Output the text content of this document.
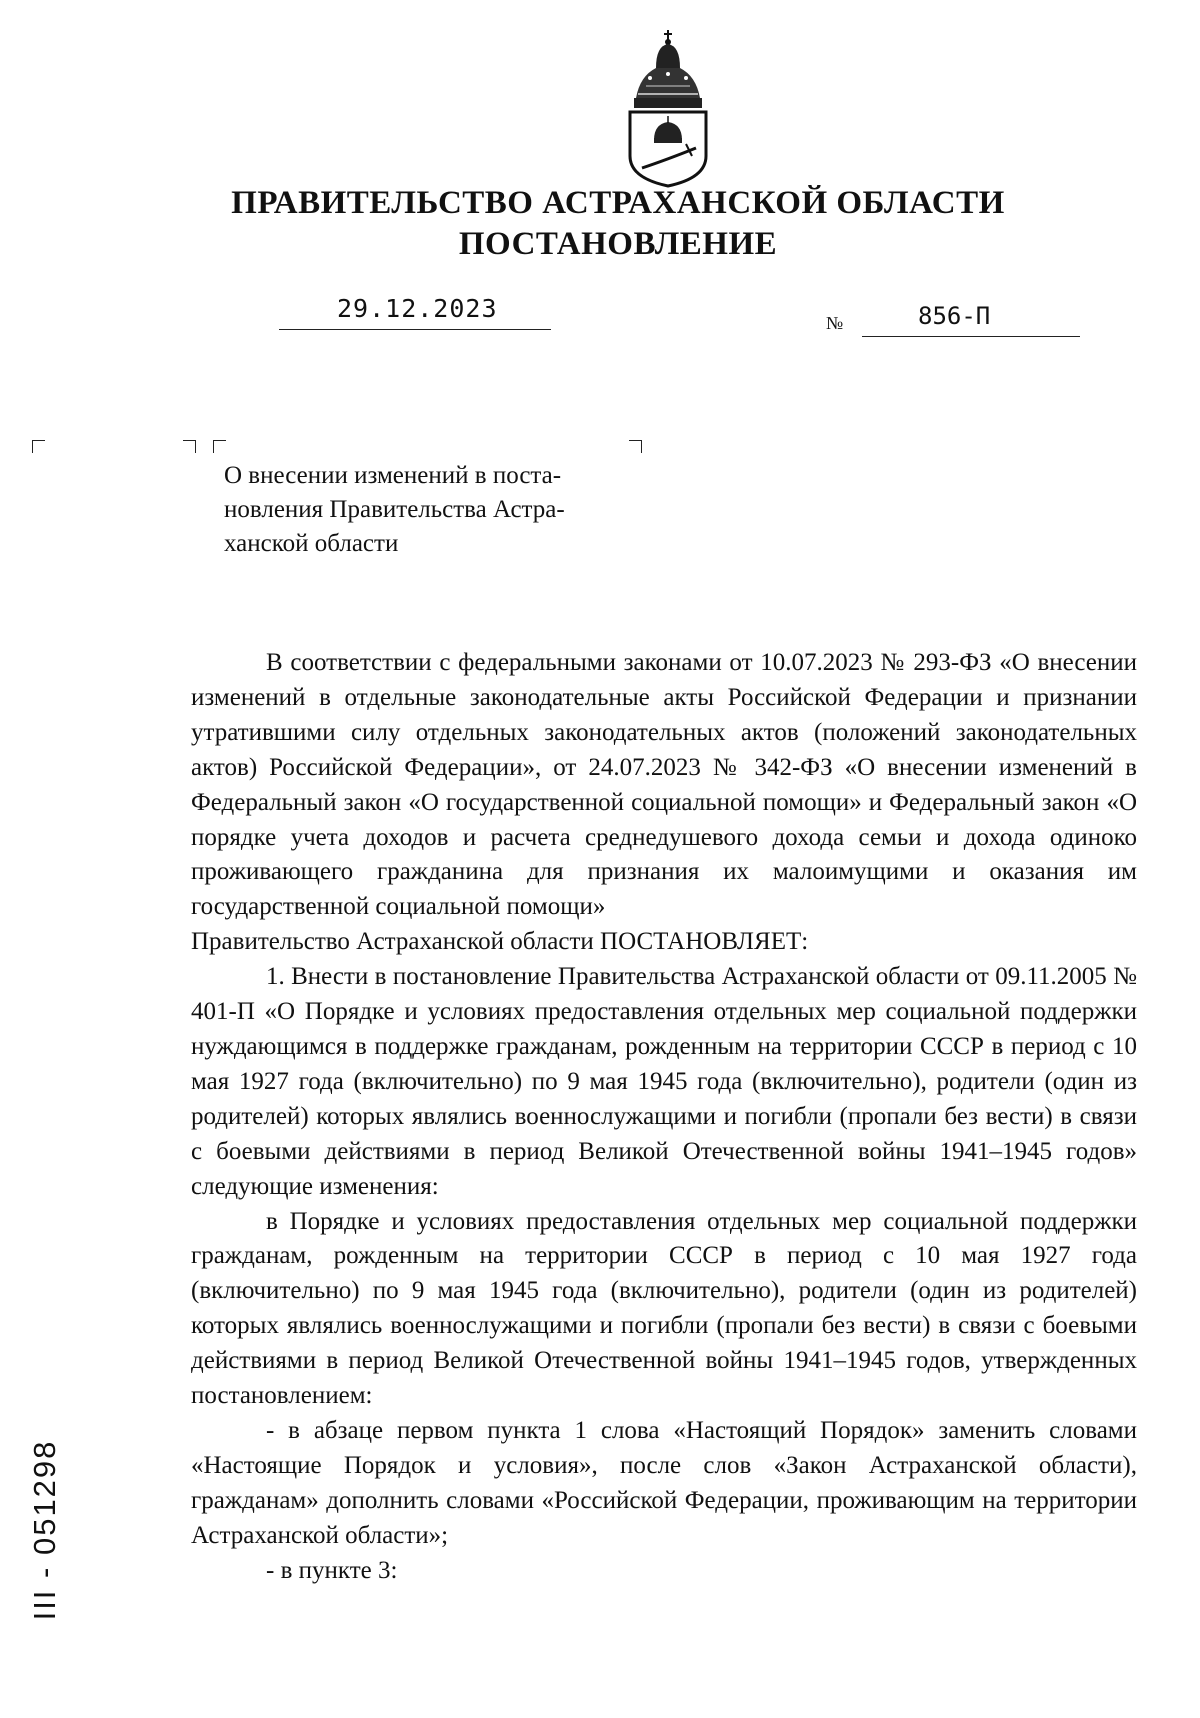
ПРАВИТЕЛЬСТВО АСТРАХАНСКОЙ ОБЛАСТИ
ПОСТАНОВЛЕНИЕ
29.12.2023	№	856-П
О внесении изменений в поста-
новления Правительства Астра-
ханской области

В соответствии с федеральными законами от 10.07.2023 № 293-ФЗ «О внесении изменений в отдельные законодательные акты Российской Федерации и признании утратившими силу отдельных законодательных актов (положений законодательных актов) Российской Федерации», от 24.07.2023 № 342-ФЗ «О внесении изменений в Федеральный закон «О государственной социальной помощи» и Федеральный закон «О порядке учета доходов и расчета среднедушевого дохода семьи и дохода одиноко проживающего гражданина для признания их малоимущими и оказания им государственной социальной помощи»

Правительство Астраханской области ПОСТАНОВЛЯЕТ:

1. Внести в постановление Правительства Астраханской области от 09.11.2005 № 401-П «О Порядке и условиях предоставления отдельных мер социальной поддержки нуждающимся в поддержке гражданам, рожденным на территории СССР в период с 10 мая 1927 года (включительно) по 9 мая 1945 года (включительно), родители (один из родителей) которых являлись военнослужащими и погибли (пропали без вести) в связи с боевыми действиями в период Великой Отечественной войны 1941–1945 годов» следующие изменения:

в Порядке и условиях предоставления отдельных мер социальной поддержки гражданам, рожденным на территории СССР в период с 10 мая 1927 года (включительно) по 9 мая 1945 года (включительно), родители (один из родителей) которых являлись военнослужащими и погибли (пропали без вести) в связи с боевыми действиями в период Великой Отечественной войны 1941–1945 годов, утвержденных постановлением:

- в абзаце первом пункта 1 слова «Настоящий Порядок» заменить словами «Настоящие Порядок и условия», после слов «Закон Астраханской области), гражданам» дополнить словами «Российской Федерации, проживающим на территории Астраханской области»;

- в пункте 3:

III - 051298
